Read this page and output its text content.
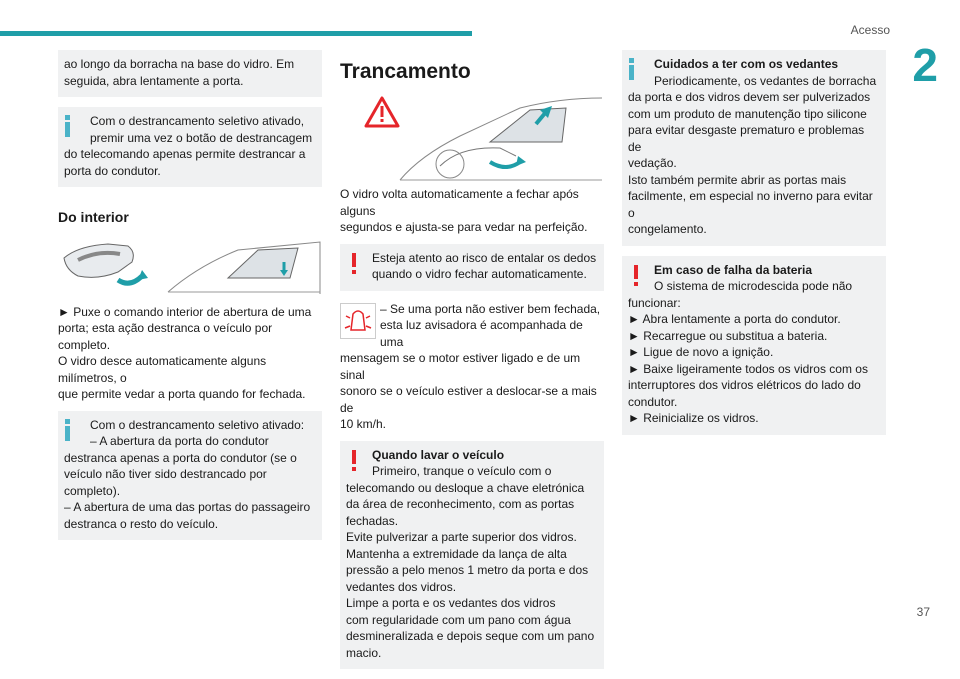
Acesso
2
37

ao longo da borracha na base do vidro. Em seguida, abra lentamente a porta.

Com o destrancamento seletivo ativado,
premir uma vez o botão de destrancagem
do telecomando apenas permite destrancar a
porta do condutor.
Do interior
► Puxe o comando interior de abertura de uma
porta; esta ação destranca o veículo por completo.
O vidro desce automaticamente alguns milímetros, o
que permite vedar a porta quando for fechada.
Com o destrancamento seletivo ativado:
– A abertura da porta do condutor
destranca apenas a porta do condutor (se o
veículo não tiver sido destrancado por completo).
– A abertura de uma das portas do passageiro
destranca o resto do veículo.
Trancamento
O vidro volta automaticamente a fechar após alguns
segundos e ajusta-se para vedar na perfeição.
Esteja atento ao risco de entalar os dedos
quando o vidro fechar automaticamente.
– Se uma porta não estiver bem fechada,
esta luz avisadora é acompanhada de uma
mensagem se o motor estiver ligado e de um sinal
sonoro se o veículo estiver a deslocar-se a mais de
10 km/h.
Quando lavar o veículo
Primeiro, tranque o veículo com o
telecomando ou desloque a chave eletrónica
da área de reconhecimento, com as portas
fechadas.
Evite pulverizar a parte superior dos vidros.
Mantenha a extremidade da lança de alta
pressão a pelo menos 1 metro da porta e dos
vedantes dos vidros.
Limpe a porta e os vedantes dos vidros
com regularidade com um pano com água
desmineralizada e depois seque com um pano
macio.
Cuidados a ter com os vedantes
Periodicamente, os vedantes de borracha
da porta e dos vidros devem ser pulverizados
com um produto de manutenção tipo silicone
para evitar desgaste prematuro e problemas de
vedação.
Isto também permite abrir as portas mais
facilmente, em especial no inverno para evitar o
congelamento.
Em caso de falha da bateria
O sistema de microdescida pode não
funcionar:
► Abra lentamente a porta do condutor.
► Recarregue ou substitua a bateria.
► Ligue de novo a ignição.
► Baixe ligeiramente todos os vidros com os
interruptores dos vidros elétricos do lado do
condutor.
► Reinicialize os vidros.
